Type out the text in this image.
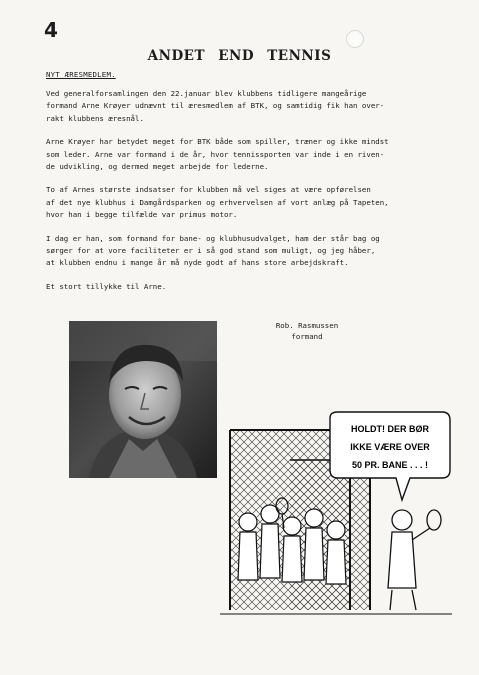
4
ANDET END TENNIS
NYT ÆRESMEDLEM.

Ved generalforsamlingen den 22.januar blev klubbens tidligere mangeårige
formand Arne Krøyer udnævnt til æresmedlem af BTK, og samtidig fik han over-
rakt klubbens æresnål.

Arne Krøyer har betydet meget for BTK både som spiller, træner og ikke mindst
som leder. Arne var formand i de år, hvor tennissporten var inde i en riven-
de udvikling, og dermed meget arbejde for lederne.

To af Arnes største indsatser for klubben må vel siges at være opførelsen
af det nye klubhus i Damgårdsparken og erhvervelsen af vort anlæg på Tapeten,
hvor han i begge tilfælde var primus motor.

I dag er han, som formand for bane- og klubhusudvalget, ham der står bag og
sørger for at vore faciliteter er i så god stand som muligt, og jeg håber,
at klubben endnu i mange år må nyde godt af hans store arbejdskraft.

Et stort tillykke til Arne.

Rob. Rasmussen
formand
HOLDT! DER BØR
IKKE VÆRE OVER
50 PR. BANE . . . !
